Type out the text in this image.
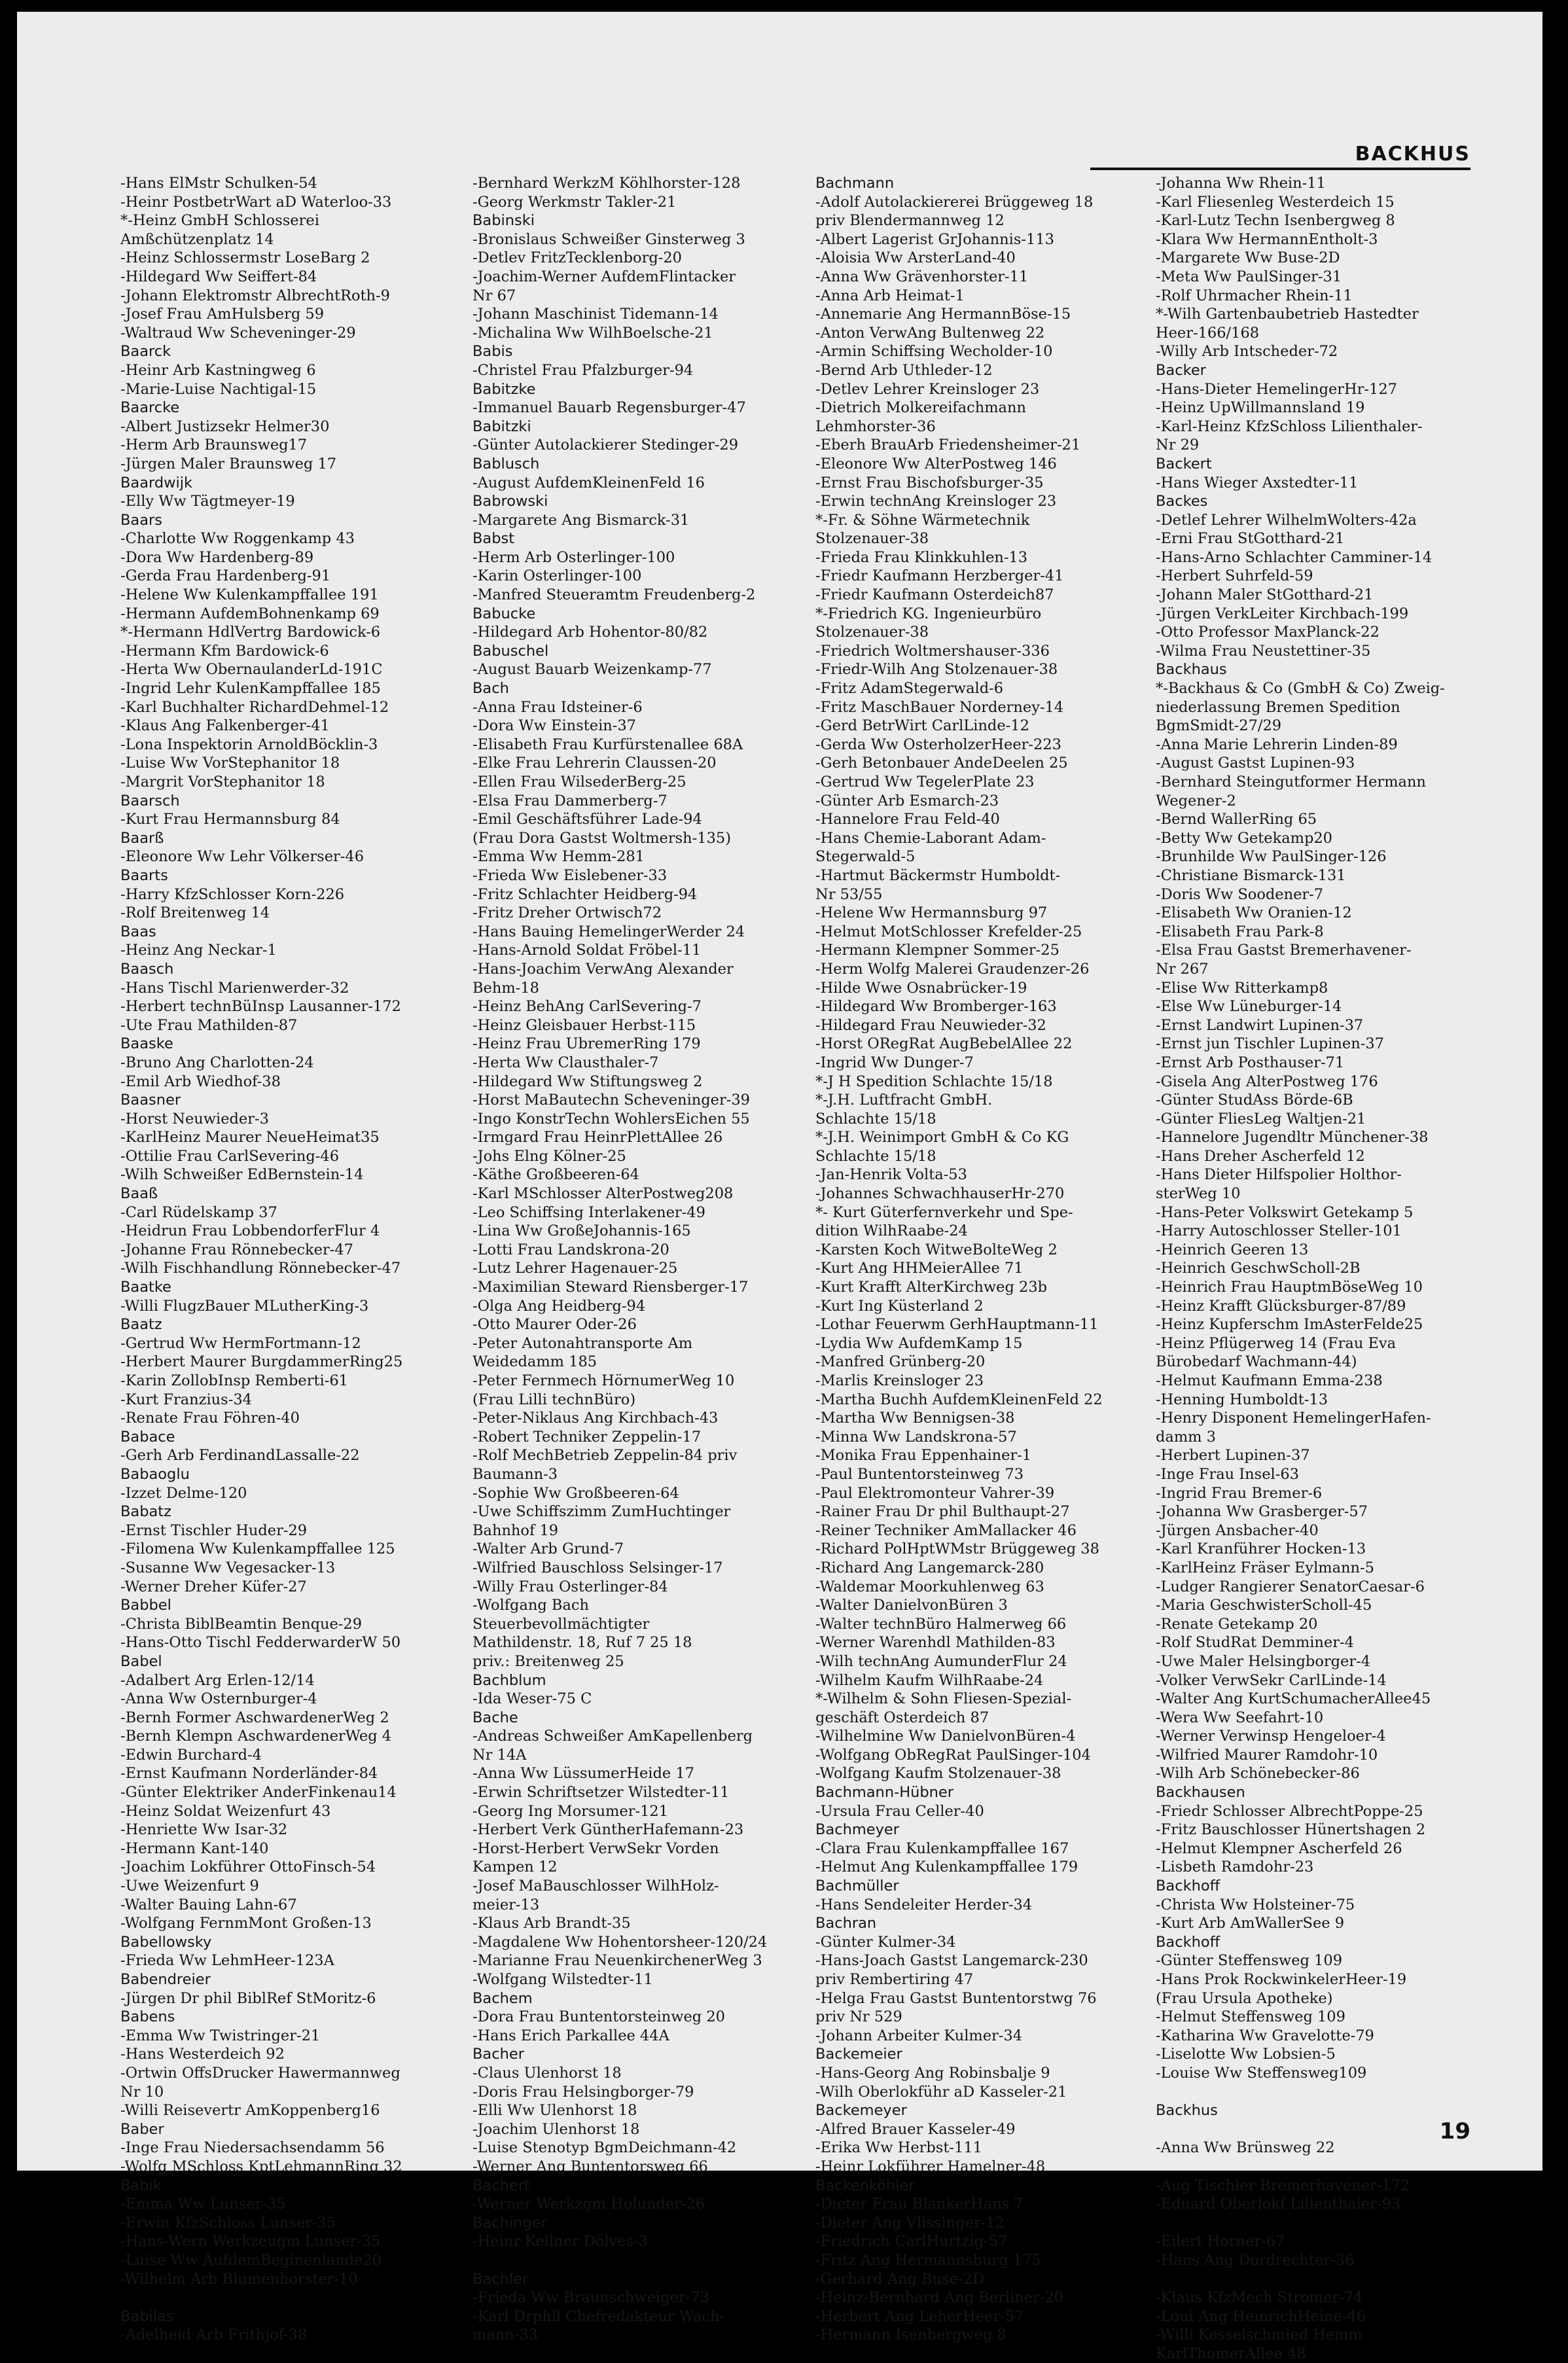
BACKHUS
-Hans ElMstr Schulken-54
-Heinr PostbetrWart aD Waterloo-33
*-Heinz GmbH Schlosserei
Amßchützenplatz 14
-Heinz Schlossermstr LoseBarg 2
-Hildegard Ww Seiffert-84
-Johann Elektromstr AlbrechtRoth-9
-Josef Frau AmHulsberg 59
-Waltraud Ww Scheveninger-29
Baarck
-Heinr Arb Kastningweg 6
-Marie-Luise Nachtigal-15
Baarcke
-Albert Justizsekr Helmer30
-Herm Arb Braunsweg17
-Jürgen Maler Braunsweg 17
Baardwijk
-Elly Ww Tägtmeyer-19
Baars
-Charlotte Ww Roggenkamp 43
-Dora Ww Hardenberg-89
-Gerda Frau Hardenberg-91
-Helene Ww Kulenkampffallee 191
-Hermann AufdemBohnenkamp 69
*-Hermann HdlVertrg Bardowick-6
-Hermann Kfm Bardowick-6
-Herta Ww ObernaulanderLd-191C
-Ingrid Lehr KulenKampffallee 185
-Karl Buchhalter RichardDehmel-12
-Klaus Ang Falkenberger-41
-Lona Inspektorin ArnoldBöcklin-3
-Luise Ww VorStephanitor 18
-Margrit VorStephanitor 18
Baarsch
-Kurt Frau Hermannsburg 84
Baarß
-Eleonore Ww Lehr Völkerser-46
Baarts
-Harry KfzSchlosser Korn-226
-Rolf Breitenweg 14
Baas
-Heinz Ang Neckar-1
Baasch
-Hans Tischl Marienwerder-32
-Herbert technBüInsp Lausanner-172
-Ute Frau Mathilden-87
Baaske
-Bruno Ang Charlotten-24
-Emil Arb Wiedhof-38
Baasner
-Horst Neuwieder-3
-KarlHeinz Maurer NeueHeimat35
-Ottilie Frau CarlSevering-46
-Wilh Schweißer EdBernstein-14
Baaß
-Carl Rüdelskamp 37
-Heidrun Frau LobbendorferFlur 4
-Johanne Frau Rönnebecker-47
-Wilh Fischhandlung Rönnebecker-47
Baatke
-Willi FlugzBauer MLutherKing-3
Baatz
-Gertrud Ww HermFortmann-12
-Herbert Maurer BurgdammerRing25
-Karin ZollobInsp Remberti-61
-Kurt Franzius-34
-Renate Frau Föhren-40
Babace
-Gerh Arb FerdinandLassalle-22
Babaoglu
-Izzet Delme-120
Babatz
-Ernst Tischler Huder-29
-Filomena Ww Kulenkampffallee 125
-Susanne Ww Vegesacker-13
-Werner Dreher Küfer-27
Babbel
-Christa BiblBeamtin Benque-29
-Hans-Otto Tischl FedderwarderW 50
Babel
-Adalbert Arg Erlen-12/14
-Anna Ww Osternburger-4
-Bernh Former AschwardenerWeg 2
-Bernh Klempn AschwardenerWeg 4
-Edwin Burchard-4
-Ernst Kaufmann Norderländer-84
-Günter Elektriker AnderFinkenau14
-Heinz Soldat Weizenfurt 43
-Henriette Ww Isar-32
-Hermann Kant-140
-Joachim Lokführer OttoFinsch-54
-Uwe Weizenfurt 9
-Walter Bauing Lahn-67
-Wolfgang FernmMont Großen-13
Babellowsky
-Frieda Ww LehmHeer-123A
Babendreier
-Jürgen Dr phil BiblRef StMoritz-6
Babens
-Emma Ww Twistringer-21
-Hans Westerdeich 92
-Ortwin OffsDrucker Hawermannweg
Nr 10
-Willi Reisevertr AmKoppenberg16
Baber
-Inge Frau Niedersachsendamm 56
-Wolfg MSchloss KptLehmannRing 32
Babik
-Emma Ww Lunser-35
-Erwin KfzSchloss Lunser-35
-Hans-Wern Werkzeugm Lunser-35
-Luise Ww AufdemBeginenlande20
-Wilhelm Arb Blumenhorster-10
Babilas
-Adelheid Arb Frithjof-38
-Bernhard WerkzM Köhlhorster-128
-Georg Werkmstr Takler-21
Babinski
-Bronislaus Schweißer Ginsterweg 3
-Detlev FritzTecklenborg-20
-Joachim-Werner AufdemFlintacker
Nr 67
-Johann Maschinist Tidemann-14
-Michalina Ww WilhBoelsche-21
Babis
-Christel Frau Pfalzburger-94
Babitzke
-Immanuel Bauarb Regensburger-47
Babitzki
-Günter Autolackierer Stedinger-29
Bablusch
-August AufdemKleinenFeld 16
Babrowski
-Margarete Ang Bismarck-31
Babst
-Herm Arb Osterlinger-100
-Karin Osterlinger-100
-Manfred Steueramtm Freudenberg-2
Babucke
-Hildegard Arb Hohentor-80/82
Babuschel
-August Bauarb Weizenkamp-77
Bach
-Anna Frau Idsteiner-6
-Dora Ww Einstein-37
-Elisabeth Frau Kurfürstenallee 68A
-Elke Frau Lehrerin Claussen-20
-Ellen Frau WilsederBerg-25
-Elsa Frau Dammerberg-7
-Emil Geschäftsführer Lade-94
(Frau Dora Gastst Woltmersh-135)
-Emma Ww Hemm-281
-Frieda Ww Eislebener-33
-Fritz Schlachter Heidberg-94
-Fritz Dreher Ortwisch72
-Hans Bauing HemelingerWerder 24
-Hans-Arnold Soldat Fröbel-11
-Hans-Joachim VerwAng Alexander
Behm-18
-Heinz BehAng CarlSevering-7
-Heinz Gleisbauer Herbst-115
-Heinz Frau UbremerRing 179
-Herta Ww Clausthaler-7
-Hildegard Ww Stiftungsweg 2
-Horst MaBautechn Scheveninger-39
-Ingo KonstrTechn WohlersEichen 55
-Irmgard Frau HeinrPlettAllee 26
-Johs Elng Kölner-25
-Käthe Großbeeren-64
-Karl MSchlosser AlterPostweg208
-Leo Schiffsing Interlakener-49
-Lina Ww GroßeJohannis-165
-Lotti Frau Landskrona-20
-Lutz Lehrer Hagenauer-25
-Maximilian Steward Riensberger-17
-Olga Ang Heidberg-94
-Otto Maurer Oder-26
-Peter Autonahtransporte Am
Weidedamm 185
-Peter Fernmech HörnumerWeg 10
(Frau Lilli technBüro)
-Peter-Niklaus Ang Kirchbach-43
-Robert Techniker Zeppelin-17
-Rolf MechBetrieb Zeppelin-84 priv
Baumann-3
-Sophie Ww Großbeeren-64
-Uwe Schiffszimm ZumHuchtinger
Bahnhof 19
-Walter Arb Grund-7
-Wilfried Bauschloss Selsinger-17
-Willy Frau Osterlinger-84
-Wolfgang Bach
Steuerbevollmächtigter
Mathildenstr. 18, Ruf 7 25 18
priv.: Breitenweg 25
Bachblum
-Ida Weser-75 C
Bache
-Andreas Schweißer AmKapellenberg
Nr 14A
-Anna Ww LüssumerHeide 17
-Erwin Schriftsetzer Wilstedter-11
-Georg Ing Morsumer-121
-Herbert Verk GüntherHafemann-23
-Horst-Herbert VerwSekr Vorden
Kampen 12
-Josef MaBauschlosser WilhHolz-
meier-13
-Klaus Arb Brandt-35
-Magdalene Ww Hohentorsheer-120/24
-Marianne Frau NeuenkirchenerWeg 3
-Wolfgang Wilstedter-11
Bachem
-Dora Frau Buntentorsteinweg 20
-Hans Erich Parkallee 44A
Bacher
-Claus Ulenhorst 18
-Doris Frau Helsingborger-79
-Elli Ww Ulenhorst 18
-Joachim Ulenhorst 18
-Luise Stenotyp BgmDeichmann-42
-Werner Ang Buntentorsweg 66
Bachert
-Werner Werkzgm Holunder-26
Bachinger
-Heinr Kellner Dölves-3
Bachler
-Frieda Ww Braunschweiger-73
-Karl Drphil Chefredakteur Wach-
mann-33
Bachmann
-Adolf Autolackiererei Brüggeweg 18
priv Blendermannweg 12
-Albert Lagerist GrJohannis-113
-Aloisia Ww ArsterLand-40
-Anna Ww Grävenhorster-11
-Anna Arb Heimat-1
-Annemarie Ang HermannBöse-15
-Anton VerwAng Bultenweg 22
-Armin Schiffsing Wecholder-10
-Bernd Arb Uthleder-12
-Detlev Lehrer Kreinsloger 23
-Dietrich Molkereifachmann
Lehmhorster-36
-Eberh BrauArb Friedensheimer-21
-Eleonore Ww AlterPostweg 146
-Ernst Frau Bischofsburger-35
-Erwin technAng Kreinsloger 23
*-Fr. & Söhne Wärmetechnik
Stolzenauer-38
-Frieda Frau Klinkkuhlen-13
-Friedr Kaufmann Herzberger-41
-Friedr Kaufmann Osterdeich87
*-Friedrich KG. Ingenieurbüro
Stolzenauer-38
-Friedrich Woltmershauser-336
-Friedr-Wilh Ang Stolzenauer-38
-Fritz AdamStegerwald-6
-Fritz MaschBauer Norderney-14
-Gerd BetrWirt CarlLinde-12
-Gerda Ww OsterholzerHeer-223
-Gerh Betonbauer AndeDeelen 25
-Gertrud Ww TegelerPlate 23
-Günter Arb Esmarch-23
-Hannelore Frau Feld-40
-Hans Chemie-Laborant Adam-
Stegerwald-5
-Hartmut Bäckermstr Humboldt-
Nr 53/55
-Helene Ww Hermannsburg 97
-Helmut MotSchlosser Krefelder-25
-Hermann Klempner Sommer-25
-Herm Wolfg Malerei Graudenzer-26
-Hilde Wwe Osnabrücker-19
-Hildegard Ww Bromberger-163
-Hildegard Frau Neuwieder-32
-Horst ORegRat AugBebelAllee 22
-Ingrid Ww Dunger-7
*-J H Spedition Schlachte 15/18
*-J.H. Luftfracht GmbH.
Schlachte 15/18
*-J.H. Weinimport GmbH & Co KG
Schlachte 15/18
-Jan-Henrik Volta-53
-Johannes SchwachhauserHr-270
*- Kurt Güterfernverkehr und Spe-
dition WilhRaabe-24
-Karsten Koch WitweBolteWeg 2
-Kurt Ang HHMeierAllee 71
-Kurt Krafft AlterKirchweg 23b
-Kurt Ing Küsterland 2
-Lothar Feuerwm GerhHauptmann-11
-Lydia Ww AufdemKamp 15
-Manfred Grünberg-20
-Marlis Kreinsloger 23
-Martha Buchh AufdemKleinenFeld 22
-Martha Ww Bennigsen-38
-Minna Ww Landskrona-57
-Monika Frau Eppenhainer-1
-Paul Buntentorsteinweg 73
-Paul Elektromonteur Vahrer-39
-Rainer Frau Dr phil Bulthaupt-27
-Reiner Techniker AmMallacker 46
-Richard PolHptWMstr Brüggeweg 38
-Richard Ang Langemarck-280
-Waldemar Moorkuhlenweg 63
-Walter DanielvonBüren 3
-Walter technBüro Halmerweg 66
-Werner Warenhdl Mathilden-83
-Wilh technAng AumunderFlur 24
-Wilhelm Kaufm WilhRaabe-24
*-Wilhelm & Sohn Fliesen-Spezial-
geschäft Osterdeich 87
-Wilhelmine Ww DanielvonBüren-4
-Wolfgang ObRegRat PaulSinger-104
-Wolfgang Kaufm Stolzenauer-38
Bachmann-Hübner
-Ursula Frau Celler-40
Bachmeyer
-Clara Frau Kulenkampffallee 167
-Helmut Ang Kulenkampffallee 179
Bachmüller
-Hans Sendeleiter Herder-34
Bachran
-Günter Kulmer-34
-Hans-Joach Gastst Langemarck-230
priv Rembertiring 47
-Helga Frau Gastst Buntentorstwg 76
priv Nr 529
-Johann Arbeiter Kulmer-34
Backemeier
-Hans-Georg Ang Robinsbalje 9
-Wilh Oberlokführ aD Kasseler-21
Backemeyer
-Alfred Brauer Kasseler-49
-Erika Ww Herbst-111
-Heinr Lokführer Hamelner-48
Backenköhler
-Dieter Frau BlankerHans 7
-Dieter Ang Vlissinger-12
-Friedrich CarlHurtzig-57
-Fritz Ang Hermannsburg 175
-Gerhard Ang Buse-2D
-Heinz-Bernhard Ang Berliner-20
-Herbert Ang LeherHeer-57
-Hermann Isenbergweg 8
-Johanna Ww Rhein-11
-Karl Fliesenleg Westerdeich 15
-Karl-Lutz Techn Isenbergweg 8
-Klara Ww HermannEntholt-3
-Margarete Ww Buse-2D
-Meta Ww PaulSinger-31
-Rolf Uhrmacher Rhein-11
*-Wilh Gartenbaubetrieb Hastedter
Heer-166/168
-Willy Arb Intscheder-72
Backer
-Hans-Dieter HemelingerHr-127
-Heinz UpWillmannsland 19
-Karl-Heinz KfzSchloss Lilienthaler-
Nr 29
Backert
-Hans Wieger Axstedter-11
Backes
-Detlef Lehrer WilhelmWolters-42a
-Erni Frau StGotthard-21
-Hans-Arno Schlachter Camminer-14
-Herbert Suhrfeld-59
-Johann Maler StGotthard-21
-Jürgen VerkLeiter Kirchbach-199
-Otto Professor MaxPlanck-22
-Wilma Frau Neustettiner-35
Backhaus
*-Backhaus & Co (GmbH & Co) Zweig-
niederlassung Bremen Spedition
BgmSmidt-27/29
-Anna Marie Lehrerin Linden-89
-August Gastst Lupinen-93
-Bernhard Steingutformer Hermann
Wegener-2
-Bernd WallerRing 65
-Betty Ww Getekamp20
-Brunhilde Ww PaulSinger-126
-Christiane Bismarck-131
-Doris Ww Soodener-7
-Elisabeth Ww Oranien-12
-Elisabeth Frau Park-8
-Elsa Frau Gastst Bremerhavener-
Nr 267
-Elise Ww Ritterkamp8
-Else Ww Lüneburger-14
-Ernst Landwirt Lupinen-37
-Ernst jun Tischler Lupinen-37
-Ernst Arb Posthauser-71
-Gisela Ang AlterPostweg 176
-Günter StudAss Börde-6B
-Günter FliesLeg Waltjen-21
-Hannelore Jugendltr Münchener-38
-Hans Dreher Ascherfeld 12
-Hans Dieter Hilfspolier Holthor-
sterWeg 10
-Hans-Peter Volkswirt Getekamp 5
-Harry Autoschlosser Steller-101
-Heinrich Geeren 13
-Heinrich GeschwScholl-2B
-Heinrich Frau HauptmBöseWeg 10
-Heinz Krafft Glücksburger-87/89
-Heinz Kupferschm ImAsterFelde25
-Heinz Pflügerweg 14 (Frau Eva
Bürobedarf Wachmann-44)
-Helmut Kaufmann Emma-238
-Henning Humboldt-13
-Henry Disponent HemelingerHafen-
damm 3
-Herbert Lupinen-37
-Inge Frau Insel-63
-Ingrid Frau Bremer-6
-Johanna Ww Grasberger-57
-Jürgen Ansbacher-40
-Karl Kranführer Hocken-13
-KarlHeinz Fräser Eylmann-5
-Ludger Rangierer SenatorCaesar-6
-Maria GeschwisterScholl-45
-Renate Getekamp 20
-Rolf StudRat Demminer-4
-Uwe Maler Helsingborger-4
-Volker VerwSekr CarlLinde-14
-Walter Ang KurtSchumacherAllee45
-Wera Ww Seefahrt-10
-Werner Verwinsp Hengeloer-4
-Wilfried Maurer Ramdohr-10
-Wilh Arb Schönebecker-86
Backhausen
-Friedr Schlosser AlbrechtPoppe-25
-Fritz Bauschlosser Hünertshagen 2
-Helmut Klempner Ascherfeld 26
-Lisbeth Ramdohr-23
Backhoff
-Christa Ww Holsteiner-75
-Kurt Arb AmWallerSee 9
Backhoff
-Günter Steffensweg 109
-Hans Prok RockwinkelerHeer-19
(Frau Ursula Apotheke)
-Helmut Steffensweg 109
-Katharina Ww Gravelotte-79
-Liselotte Ww Lobsien-5
-Louise Ww Steffensweg109
Backhus
-Anna Ww Brünsweg 22
-Aug Tischler Bremerhavener-172
-Eduard Oberlokf Lilienthaler-93
-Eilert Horner-67
-Hans Ang Dordrechter-36
-Klaus KfzMech Stromer-74
-Loui Ang HeinrichHeine-46
-Willi Kesselschmied Hemm
KarlThomerAllee 48
19
